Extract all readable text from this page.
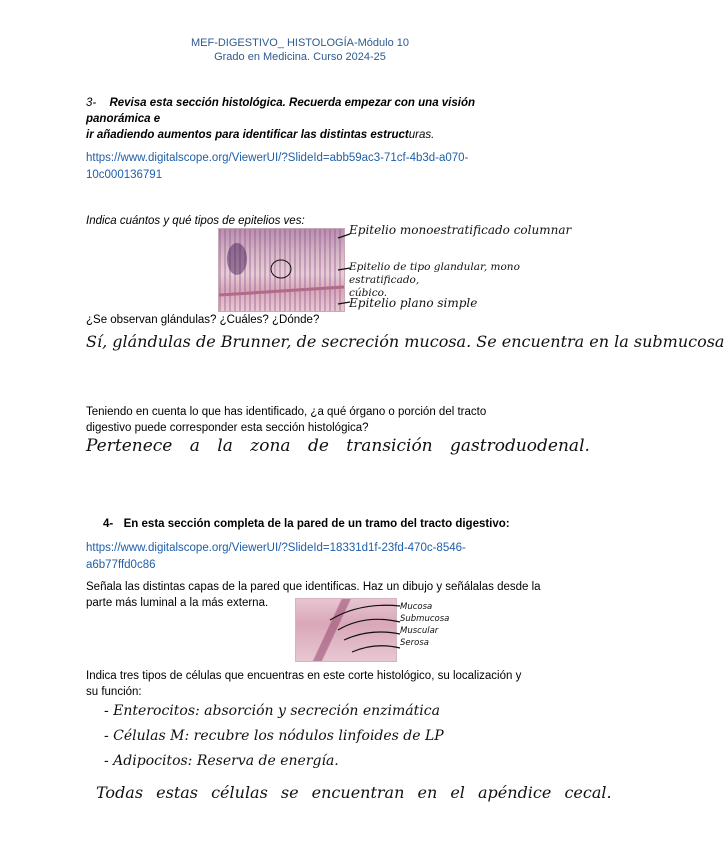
MEF-DIGESTIVO_ HISTOLOGÍA-Módulo 10
Grado en Medicina. Curso 2024-25
3- Revisa esta sección histológica. Recuerda empezar con una visión panorámica e
ir añadiendo aumentos para identificar las distintas estructuras.
https://www.digitalscope.org/ViewerUI/?SlideId=abb59ac3-71cf-4b3d-a070-
10c000136791
Indica cuántos y qué tipos de epitelios ves:
Epitelio monoestratificado columnar
Epitelio de tipo glandular, mono estratificado,
cúbico.
Epitelio plano simple
¿Se observan glándulas? ¿Cuáles? ¿Dónde?
Sí, glándulas de Brunner, de secreción mucosa. Se encuentra en la submucosa
Teniendo en cuenta lo que has identificado, ¿a qué órgano o porción del tracto
digestivo puede corresponder esta sección histológica?
Pertenece a la zona de transición gastroduodenal.
4- En esta sección completa de la pared de un tramo del tracto digestivo:
https://www.digitalscope.org/ViewerUI/?SlideId=18331d1f-23fd-470c-8546-
a6b77ffd0c86
Señala las distintas capas de la pared que identificas. Haz un dibujo y señálalas desde la
parte más luminal a la más externa.	Mucosa
Submucosa
Muscular
Serosa
Indica tres tipos de células que encuentras en este corte histológico, su localización y
su función:
- Enterocitos: absorción y secreción enzimática
- Células M: recubre los nódulos linfoides de LP
- Adipocitos: Reserva de energía.
Todas estas células se encuentran en el apéndice cecal.
